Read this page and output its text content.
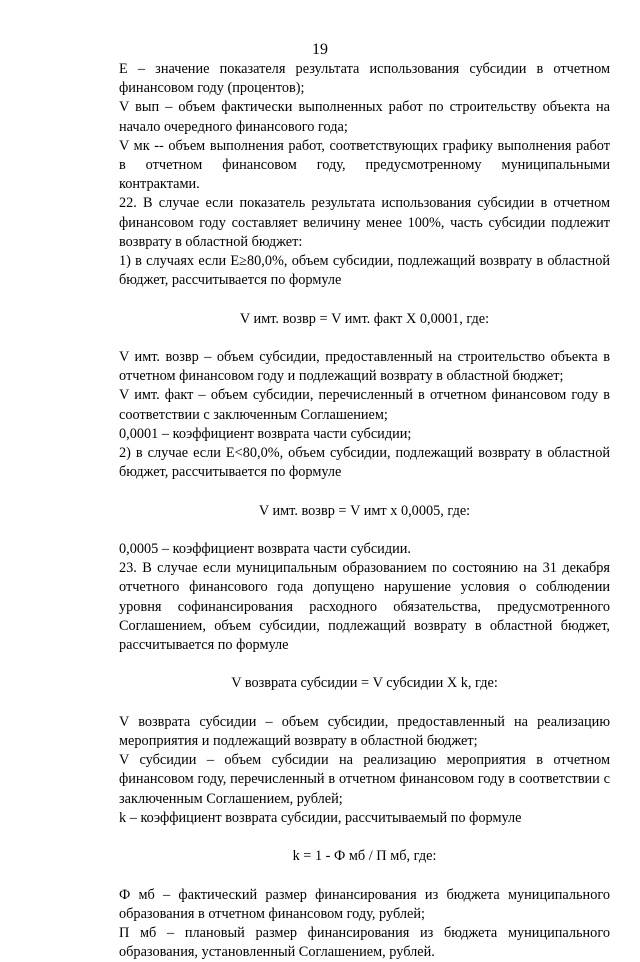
19

Е – значение показателя результата использования субсидии в отчетном финансовом году (процентов);

V вып – объем фактически выполненных работ по строительству объекта на начало очередного финансового года;

V мк -- объем выполнения работ, соответствующих графику выполнения работ в отчетном финансовом году, предусмотренному муниципальными контрактами.

22. В случае если показатель результата использования субсидии в отчетном финансовом году составляет величину менее 100%, часть субсидии подлежит возврату в областной бюджет:

1) в случаях если Е≥80,0%, объем субсидии, подлежащий возврату в областной бюджет, рассчитывается по формуле

V имт. возвр = V имт. факт Х 0,0001, где:

V имт. возвр – объем субсидии, предоставленный на строительство объекта в отчетном финансовом году и подлежащий возврату в областной бюджет;

V имт. факт – объем субсидии, перечисленный в отчетном финансовом году в соответствии с заключенным Соглашением;

0,0001 – коэффициент возврата части субсидии;

2) в случае если Е<80,0%, объем субсидии, подлежащий возврату в областной бюджет, рассчитывается по формуле

V имт. возвр = V имт х 0,0005, где:

0,0005 – коэффициент возврата части субсидии.

23. В случае если муниципальным образованием по состоянию на 31 декабря отчетного финансового года допущено нарушение условия о соблюдении уровня софинансирования расходного обязательства, предусмотренного Соглашением, объем субсидии, подлежащий возврату в областной бюджет, рассчитывается по формуле

V возврата субсидии = V субсидии Х k, где:

V возврата субсидии – объем субсидии, предоставленный на реализацию мероприятия и подлежащий возврату в областной бюджет;

V субсидии – объем субсидии на реализацию мероприятия в отчетном финансовом году, перечисленный в отчетном финансовом году в соответствии с заключенным Соглашением, рублей;

k – коэффициент возврата субсидии, рассчитываемый по формуле

k = 1 - Ф мб / П мб, где:

Ф мб – фактический размер финансирования из бюджета муниципального образования в отчетном финансовом году, рублей;

П мб – плановый размер финансирования из бюджета муниципального образования, установленный Соглашением, рублей.
